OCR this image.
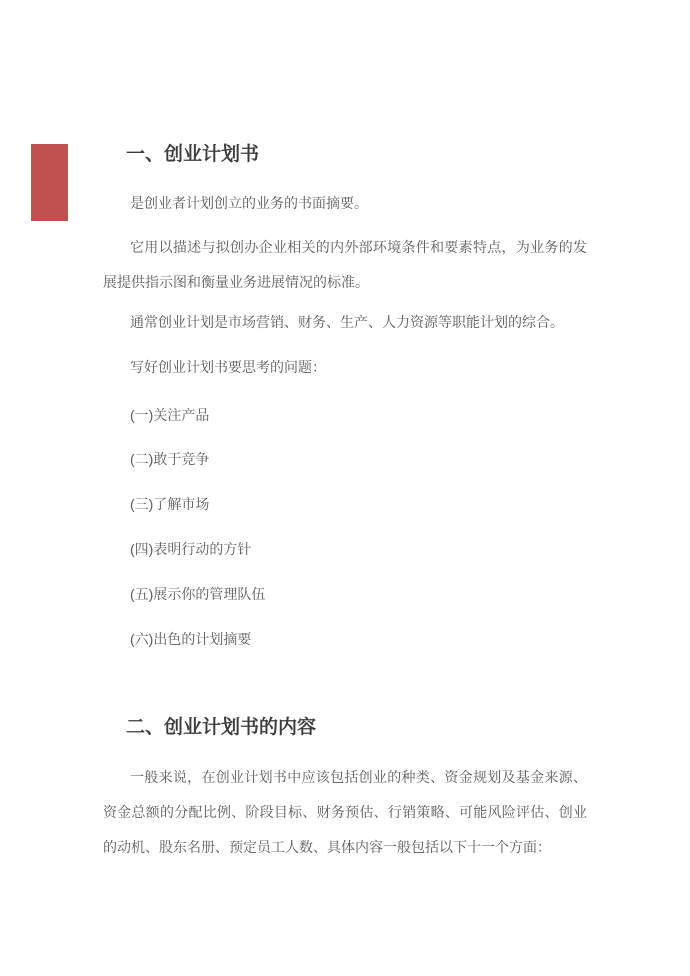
一、创业计划书

是创业者计划创立的业务的书面摘要。

它用以描述与拟创办企业相关的内外部环境条件和要素特点，为业务的发展提供指示图和衡量业务进展情况的标准。

通常创业计划是市场营销、财务、生产、人力资源等职能计划的综合。

写好创业计划书要思考的问题：

(一)关注产品

(二)敢于竞争

(三)了解市场

(四)表明行动的方针

(五)展示你的管理队伍

(六)出色的计划摘要

二、创业计划书的内容

一般来说，在创业计划书中应该包括创业的种类、资金规划及基金来源、资金总额的分配比例、阶段目标、财务预估、行销策略、可能风险评估、创业的动机、股东名册、预定员工人数、具体内容一般包括以下十一个方面：
